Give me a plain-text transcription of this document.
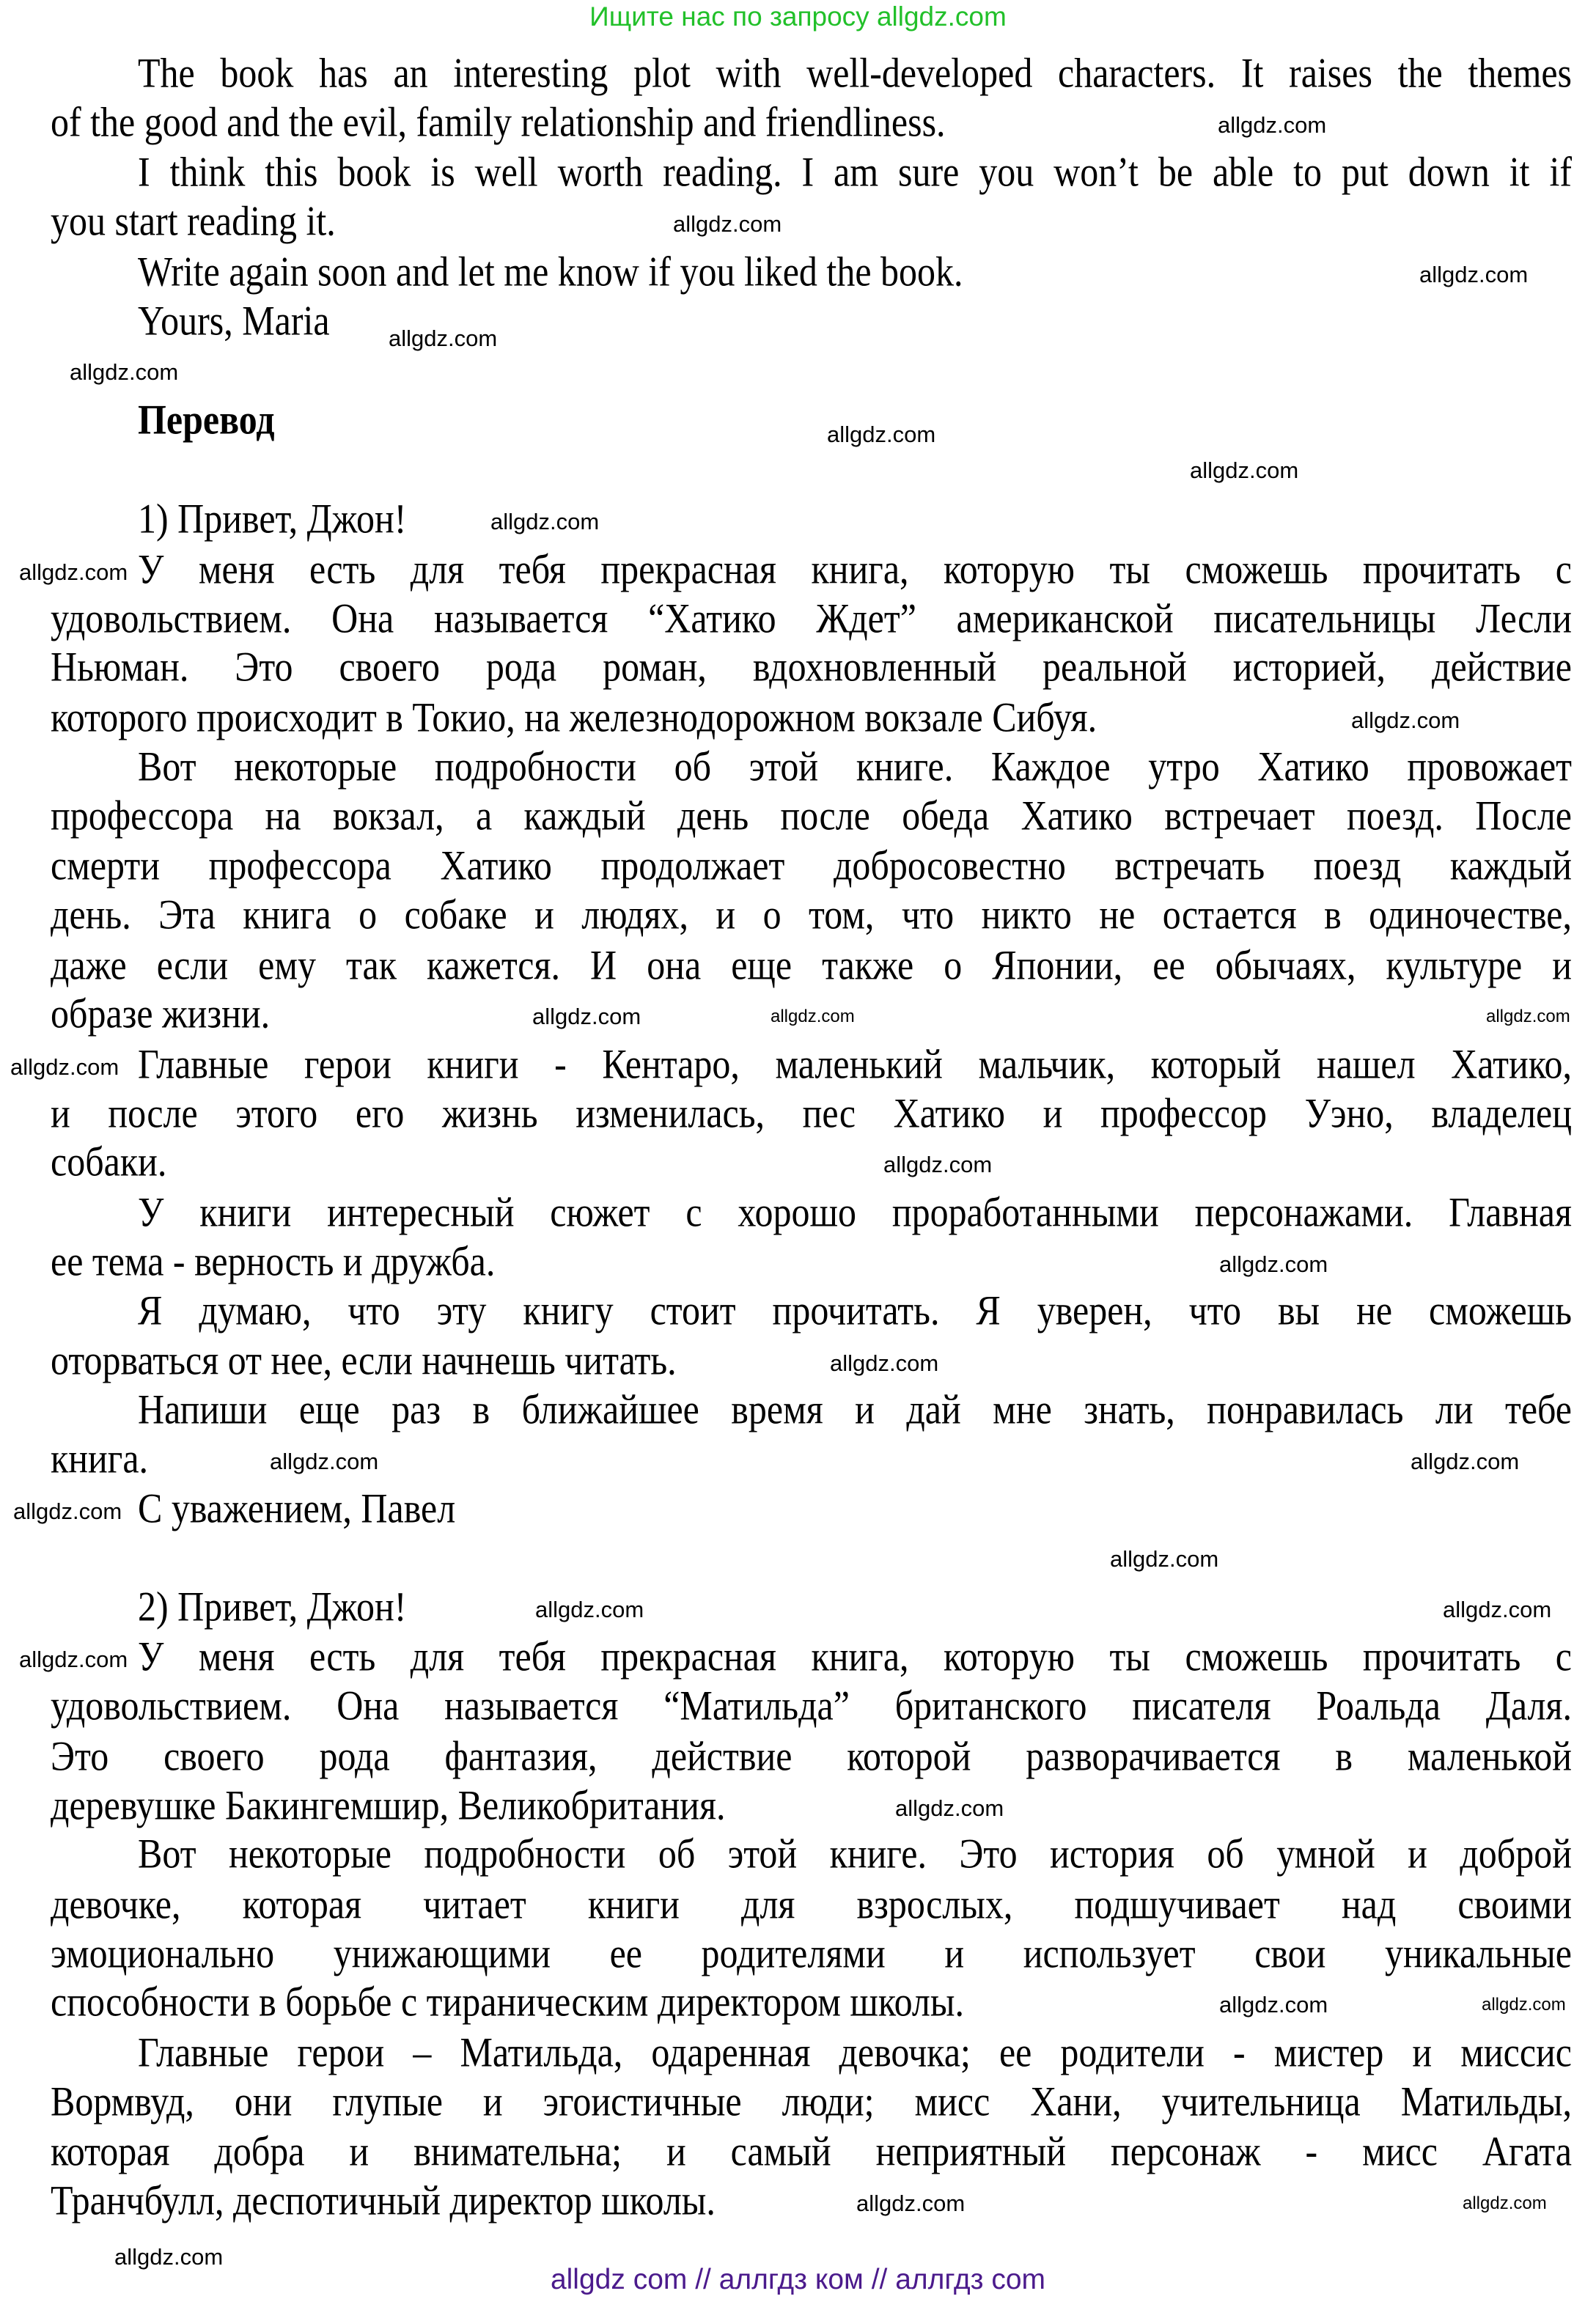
Ищите нас по запросу allgdz.com
The book has an interesting plot with well-developed characters. It raises the themes
of the good and the evil, family relationship and friendliness.
I think this book is well worth reading. I am sure you won’t be able to put down it if
you start reading it.
Write again soon and let me know if you liked the book.
Yours, Maria
Перевод
1) Привет, Джон!
У меня есть для тебя прекрасная книга, которую ты сможешь прочитать с
удовольствием. Она называется “Хатико Ждет” американской писательницы Лесли
Ньюман. Это своего рода роман, вдохновленный реальной историей, действие
которого происходит в Токио, на железнодорожном вокзале Сибуя.
Вот некоторые подробности об этой книге. Каждое утро Хатико провожает
профессора на вокзал, а каждый день после обеда Хатико встречает поезд. После
смерти профессора Хатико продолжает добросовестно встречать поезд каждый
день. Эта книга о собаке и людях, и о том, что никто не остается в одиночестве,
даже если ему так кажется. И она еще также о Японии, ее обычаях, культуре и
образе жизни.
Главные герои книги - Кентаро, маленький мальчик, который нашел Хатико,
и после этого его жизнь изменилась, пес Хатико и профессор Уэно, владелец
собаки.
У книги интересный сюжет с хорошо проработанными персонажами. Главная
ее тема - верность и дружба.
Я думаю, что эту книгу стоит прочитать. Я уверен, что вы не сможешь
оторваться от нее, если начнешь читать.
Напиши еще раз в ближайшее время и дай мне знать, понравилась ли тебе
книга.
С уважением, Павел
2) Привет, Джон!
У меня есть для тебя прекрасная книга, которую ты сможешь прочитать с
удовольствием. Она называется “Матильда” британского писателя Роальда Даля.
Это своего рода фантазия, действие которой разворачивается в маленькой
деревушке Бакингемшир, Великобритания.
Вот некоторые подробности об этой книге. Это история об умной и доброй
девочке, которая читает книги для взрослых, подшучивает над своими
эмоционально унижающими ее родителями и использует свои уникальные
способности в борьбе с тираническим директором школы.
Главные герои – Матильда, одаренная девочка; ее родители - мистер и миссис
Вормвуд, они глупые и эгоистичные люди; мисс Хани, учительница Матильды,
которая добра и внимательна; и самый неприятный персонаж - мисс Агата
Транчбулл, деспотичный директор школы.
allgdz.com
allgdz.com
allgdz.com
allgdz.com
allgdz.com
allgdz.com
allgdz.com
allgdz.com
allgdz.com
allgdz.com
allgdz.com
allgdz.com	allgdz.com
allgdz.com
allgdz.com
allgdz.com
allgdz.com
allgdz.com
allgdz.com
allgdz.com
allgdz.com
allgdz.com	allgdz.com
allgdz.com
allgdz.com
allgdz.com
allgdz.com
allgdz.com
allgdz.com
allgdz.com
allgdz com // аллгдз ком // аллгдз com
